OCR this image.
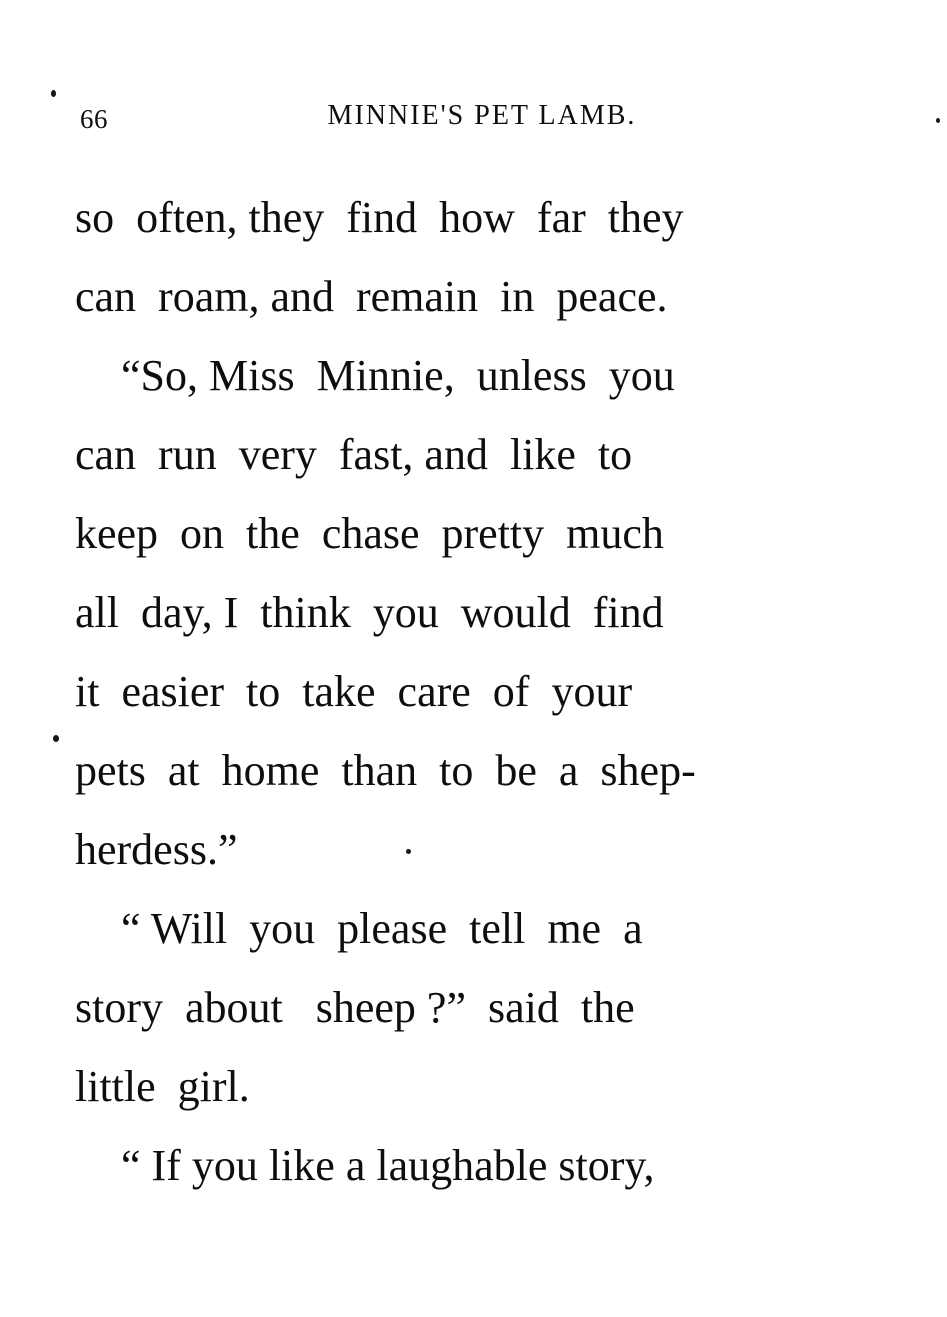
66	MINNIE'S PET LAMB.
so  often, they  find  how  far  they
can  roam, and  remain  in  peace.
“So, Miss  Minnie,  unless  you
can  run  very  fast, and  like  to
keep  on  the  chase  pretty  much
all  day, I  think  you  would  find
it  easier  to  take  care  of  your
pets  at  home  than  to  be  a  shep-
herdess.”
“ Will  you  please  tell  me  a
story  about   sheep ?”  said  the
little  girl.
“ If you like a laughable story,
